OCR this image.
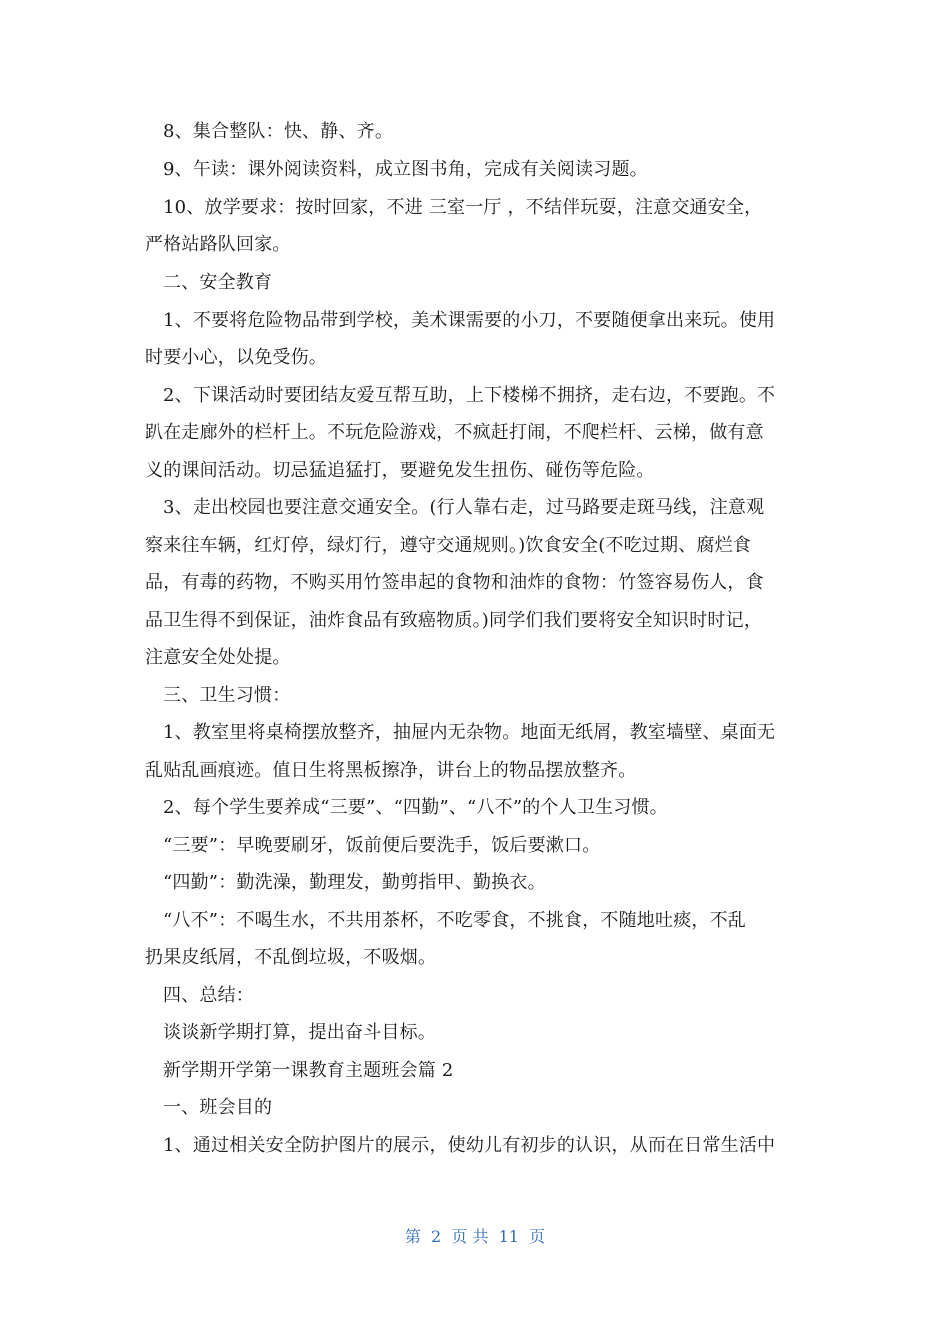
8、集合整队：快、静、齐。
9、午读：课外阅读资料，成立图书角，完成有关阅读习题。
10、放学要求：按时回家，不进 三室一厅 ，不结伴玩耍，注意交通安全，
严格站路队回家。
二、安全教育
1、不要将危险物品带到学校，美术课需要的小刀，不要随便拿出来玩。使用
时要小心，以免受伤。
2、下课活动时要团结友爱互帮互助，上下楼梯不拥挤，走右边，不要跑。不
趴在走廊外的栏杆上。不玩危险游戏，不疯赶打闹，不爬栏杆、云梯，做有意
义的课间活动。切忌猛追猛打，要避免发生扭伤、碰伤等危险。
3、走出校园也要注意交通安全。(行人靠右走，过马路要走斑马线，注意观
察来往车辆，红灯停，绿灯行，遵守交通规则。)饮食安全(不吃过期、腐烂食
品，有毒的药物，不购买用竹签串起的食物和油炸的食物：竹签容易伤人，食
品卫生得不到保证，油炸食品有致癌物质。)同学们我们要将安全知识时时记，
注意安全处处提。
三、卫生习惯：
1、教室里将桌椅摆放整齐，抽屉内无杂物。地面无纸屑，教室墙壁、桌面无
乱贴乱画痕迹。值日生将黑板擦净，讲台上的物品摆放整齐。
2、每个学生要养成“三要”、“四勤”、“八不”的个人卫生习惯。
“三要”：早晚要刷牙，饭前便后要洗手，饭后要漱口。
“四勤”：勤洗澡，勤理发，勤剪指甲、勤换衣。
“八不”：不喝生水，不共用茶杯，不吃零食，不挑食，不随地吐痰，不乱
扔果皮纸屑，不乱倒垃圾，不吸烟。
四、总结：
谈谈新学期打算，提出奋斗目标。
新学期开学第一课教育主题班会篇 2
一、班会目的
1、通过相关安全防护图片的展示，使幼儿有初步的认识，从而在日常生活中
第  2  页 共  11  页
